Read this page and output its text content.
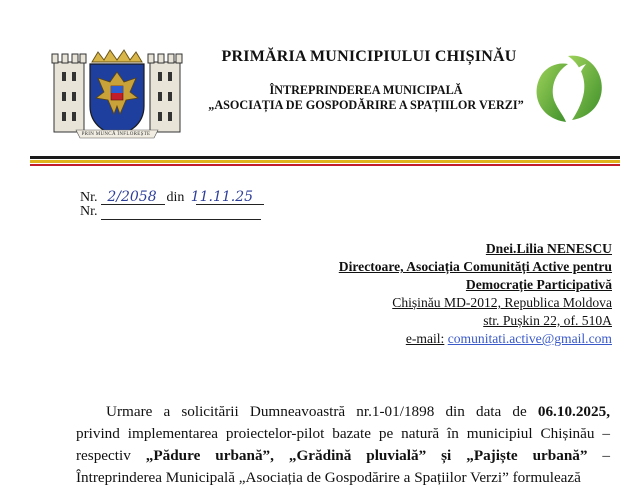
PRIN MUNCĂ ÎNFLOREȘTE
PRIMĂRIA MUNICIPIULUI CHIȘINĂU
ÎNTREPRINDEREA MUNICIPALĂ
„ASOCIAȚIA DE GOSPODĂRIRE A SPAȚIILOR VERZI”
Nr. 2/2058 din 11.11.25
Nr.
Dnei.Lilia NENESCU
Directoare, Asociația Comunități Active pentru
Democrație Participativă
Chișinău MD-2012, Republica Moldova
str. Pușkin 22, of. 510A
e-mail: comunitati.active@gmail.com
Urmare a solicitării Dumneavoastră nr.1-01/1898 din data de 06.10.2025,
privind implementarea proiectelor-pilot bazate pe natură în municipiul Chișinău –
respectiv „Pădure urbană”, „Grădină pluvială” și „Pajiște urbană” –
Întreprinderea Municipală „Asociația de Gospodărire a Spațiilor Verzi” formulează
